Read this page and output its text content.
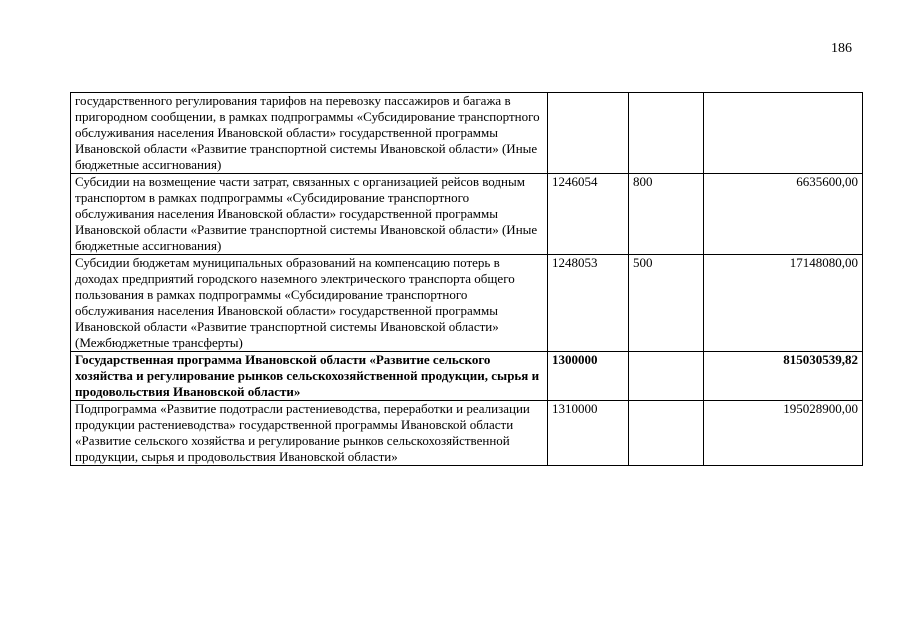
186
государственного регулирования тарифов на перевозку пассажиров и багажа в пригородном сообщении, в рамках подпрограммы «Субсидирование транспортного обслуживания населения Ивановской области» государственной программы Ивановской области «Развитие транспортной системы Ивановской области» (Иные бюджетные ассигнования)			
Субсидии на возмещение части затрат, связанных с организацией рейсов водным транспортом в рамках подпрограммы «Субсидирование транспортного обслуживания населения Ивановской области» государственной программы Ивановской области «Развитие транспортной системы Ивановской области» (Иные бюджетные ассигнования)	1246054	800	6635600,00
Субсидии бюджетам муниципальных образований на компенсацию потерь в доходах предприятий городского наземного электрического транспорта общего пользования в рамках подпрограммы «Субсидирование транспортного обслуживания населения Ивановской области» государственной программы Ивановской области «Развитие транспортной системы Ивановской области» (Межбюджетные трансферты)	1248053	500	17148080,00
Государственная программа Ивановской области «Развитие сельского хозяйства и регулирование рынков сельскохозяйственной продукции, сырья и продовольствия Ивановской области»	1300000		815030539,82
Подпрограмма «Развитие подотрасли растениеводства, переработки и реализации продукции растениеводства» государственной программы Ивановской области «Развитие сельского хозяйства и регулирование рынков сельскохозяйственной продукции, сырья и продовольствия Ивановской области»	1310000		195028900,00
